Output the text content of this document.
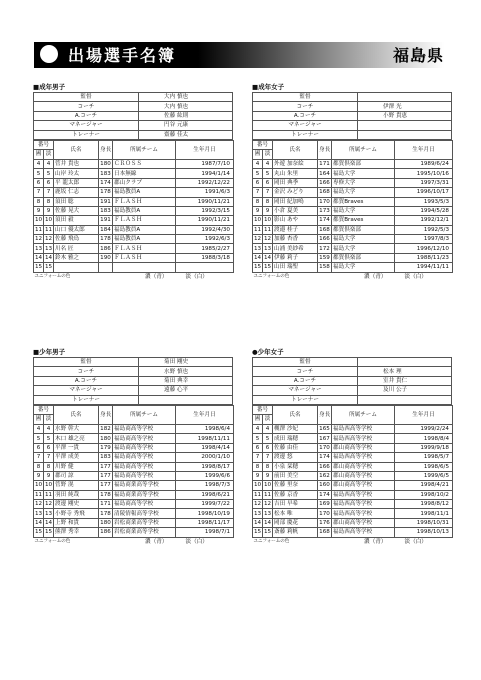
出場選手名簿	福島県
■成年男子
監督	大内 慎也
コーチ	大内 慎也
A.コーチ	佐藤 紘則
マネージャー	円谷 元康
トレーナー	齋藤 佳太
番号
國 淡		氏名	身長	所属チーム	生年月日
4	4	菅井 貴也	180	ＣＲＯＳＳ	1987/7/10
5	5	山岸 玲太	183	日本無線	1994/1/14
6	6	平 龍太郎	174	郡山クラブ	1992/12/22
7	7	鹿坂 仁志	178	福島教員A	1991/6/3
8	8	須田 聡	191	ＦＬＡＳＨ	1990/11/21
9	9	佐藤 晃大	183	福島教員A	1992/3/15
10	10	須田 毅	191	ＦＬＡＳＨ	1990/11/21
11	11	山口 優太郎	184	福島教員A	1992/4/30
12	12	佐藤 飛鳥	178	福島教員A	1992/6/3
13	13	川名 匠	186	ＦＬＡＳＨ	1985/2/27
14	14	鈴木 雅之	190	ＦＬＡＳＨ	1988/3/18
15	15				
ユニフォームの色			濃（青）		淡（白）
■成年女子
監督	
コーチ	伊澤 光
A.コーチ	小野 貴恵
マネージャー	
トレーナー	
番号
國 淡		氏名	身長	所属チーム	生年月日
4	4	外遊 加奈絵	171	都賀倶楽部	1989/6/24
5	5	丸山 朱里	164	福島大学	1995/10/16
6	6	岡田 典季	166	専修大学	1997/3/31
7	7	金沢 みどり	168	福島大学	1996/10/17
8	8	岡田 紀加鳴	170	都賀Braves	1993/5/3
9	9	小倉 夏美	173	福島大学	1994/5/28
10	10	影山 あや	174	都賀Braves	1992/12/1
11	11	渡邉 桂子	168	都賀倶楽部	1992/5/3
12	12	加藤 杏香	166	福島大学	1997/8/3
13	13	山浦 美紗希	172	福島大学	1996/12/10
14	14	伊藤 莉子	159	都賀倶楽部	1988/11/23
15	15	山田 瑞聖	158	福島大学	1994/11/11
ユニフォームの色			濃（青）		淡（白）
■少年男子
監督	菊田 剛史
コーチ	水野 慎也
A.コーチ	菊田 典幸
マネージャー	遠藤 心平
トレーナー	
番号
國 淡		氏名	身長	所属チーム	生年月日
4	4	水野 幹大	182	福島商高等学校	1998/6/4
5	5	木口 雄之亮	180	福島商高等学校	1998/11/11
6	6	平澤 一貴	179	福島商高等学校	1998/4/14
7	7	平澤 成美	183	福島商高等学校	2000/1/10
8	8	川野 健	177	福島商高等学校	1998/8/17
9	9	郡司 諒	177	福島商高等学校	1999/6/6
10	10	菅野 滉	177	福島商業高等学校	1998/7/3
11	11	羽田 純哉	178	福島商業高等学校	1998/6/21
12	12	渡邊 剛史	171	福島商高等学校	1999/7/22
13	13	小野寺 秀飛	178	清陵情報高等学校	1998/10/19
14	14	上野 和貴	180	岩松商業高等学校	1998/11/17
15	15	熊澤 秀幸	186	岩松商業高等学校	1998/7/1
ユニフォームの色			濃（青）		淡（白）
●少年女子
監督	
コーチ	松本 理
A.コーチ	室井 貴仁
マネージャー	及川 公子
トレーナー	
番号
國 淡		氏名	身長	所属チーム	生年月日
4	4	槻澤 沙妃	165	福島西高等学校	1999/2/24
5	5	成田 瑞穂	167	福島西高等学校	1998/8/4
6	6	佐藤 由佳	170	郡山商高等学校	1999/9/18
7	7	渡邊 悠	174	福島西高等学校	1998/5/7
8	8	小泉 栞穂	166	郡山商高等学校	1998/6/5
9	9	前田 美空	162	郡山商高等学校	1999/6/5
10	10	佐藤 里奈	160	郡山商高等学校	1998/4/21
11	11	佐藤 京香	174	福島西高等学校	1998/10/2
12	12	吉田 早希	169	福島西高等学校	1998/8/12
13	13	松本 唯	170	福島西高等学校	1998/11/1
14	14	岡部 慶花	176	郡山商高等学校	1998/10/31
15	15	斎藤 莉帆	168	福島西高等学校	1998/10/13
ユニフォームの色			濃（青）		淡（白）
